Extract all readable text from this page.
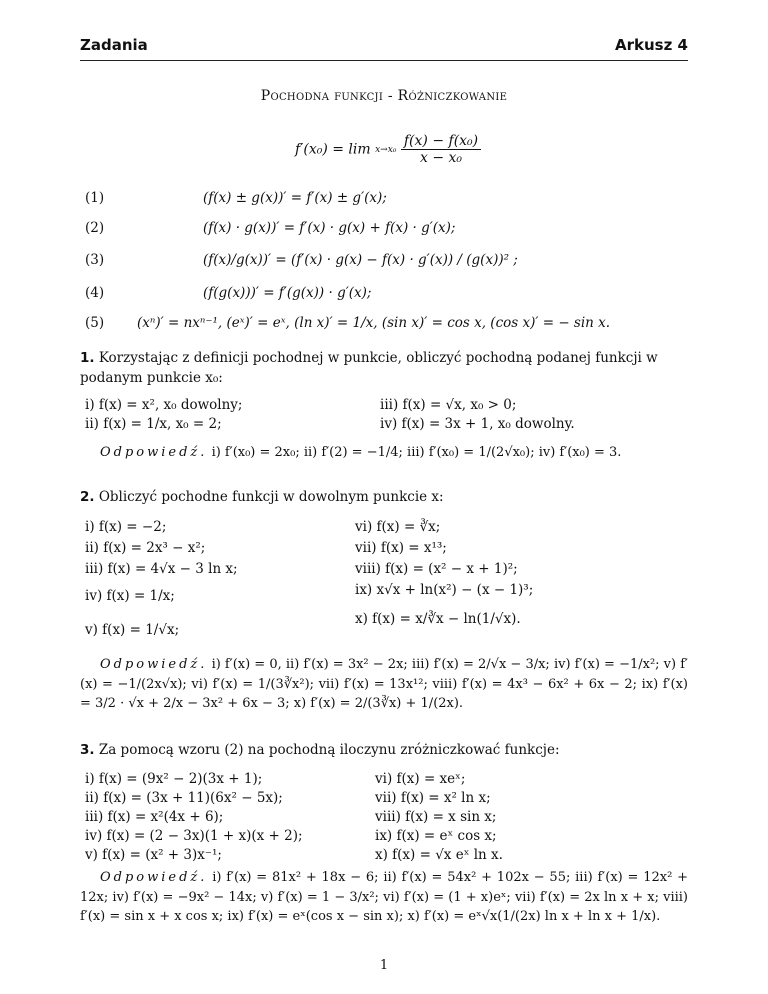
Zadania	Arkusz 4
Pochodna funkcji - Różniczkowanie
f′(x₀) = lim x→x₀
$\frac{\text{f(x) − f(x₀)}}{\text{x − x₀}}$
(1)	(f(x) ± g(x))′ = f′(x) ± g′(x);
(2)	(f(x) · g(x))′ = f′(x) · g(x) + f(x) · g′(x);
(3)	(f(x)/g(x))′ = (f′(x) · g(x) − f(x) · g′(x)) / (g(x))² ;
(4)	(f(g(x)))′ = f′(g(x)) · g′(x);
(5) (xⁿ)′ = nxⁿ⁻¹, (eˣ)′ = eˣ, (ln x)′ = 1/x, (sin x)′ = cos x, (cos x)′ = − sin x.
1. Korzystając z definicji pochodnej w punkcie, obliczyć pochodną podanej funkcji w podanym punkcie x₀:
i) f(x) = x², x₀ dowolny;
ii) f(x) = 1/x, x₀ = 2;
iii) f(x) = √x, x₀ > 0;
iv) f(x) = 3x + 1, x₀ dowolny.
Odpowiedź. i) f′(x₀) = 2x₀; ii) f′(2) = −1/4; iii) f′(x₀) = 1/(2√x₀); iv) f′(x₀) = 3.
2. Obliczyć pochodne funkcji w dowolnym punkcie x:
i) f(x) = −2;
ii) f(x) = 2x³ − x²;
iii) f(x) = 4√x − 3 ln x;
iv) f(x) = 1/x;
v) f(x) = 1/√x;
vi) f(x) = ∛x;
vii) f(x) = x¹³;
viii) f(x) = (x² − x + 1)²;
ix) x√x + ln(x²) − (x − 1)³;
x) f(x) = x/∛x − ln(1/√x).
Odpowiedź. i) f′(x) = 0, ii) f′(x) = 3x² − 2x; iii) f′(x) = 2/√x − 3/x; iv) f′(x) = −1/x²; v) f′(x) = −1/(2x√x); vi) f′(x) = 1/(3∛x²); vii) f′(x) = 13x¹²; viii) f′(x) = 4x³ − 6x² + 6x − 2; ix) f′(x) = 3/2 · √x + 2/x − 3x² + 6x − 3; x) f′(x) = 2/(3∛x) + 1/(2x).
3. Za pomocą wzoru (2) na pochodną iloczynu zróżniczkować funkcje:
i) f(x) = (9x² − 2)(3x + 1);
ii) f(x) = (3x + 11)(6x² − 5x);
iii) f(x) = x²(4x + 6);
iv) f(x) = (2 − 3x)(1 + x)(x + 2);
v) f(x) = (x² + 3)x⁻¹;
vi) f(x) = xeˣ;
vii) f(x) = x² ln x;
viii) f(x) = x sin x;
ix) f(x) = eˣ cos x;
x) f(x) = √x eˣ ln x.
Odpowiedź. i) f′(x) = 81x² + 18x − 6; ii) f′(x) = 54x² + 102x − 55; iii) f′(x) = 12x² + 12x; iv) f′(x) = −9x² − 14x; v) f′(x) = 1 − 3/x²; vi) f′(x) = (1 + x)eˣ; vii) f′(x) = 2x ln x + x; viii) f′(x) = sin x + x cos x; ix) f′(x) = eˣ(cos x − sin x); x) f′(x) = eˣ√x(1/(2x) ln x + ln x + 1/x).
1
